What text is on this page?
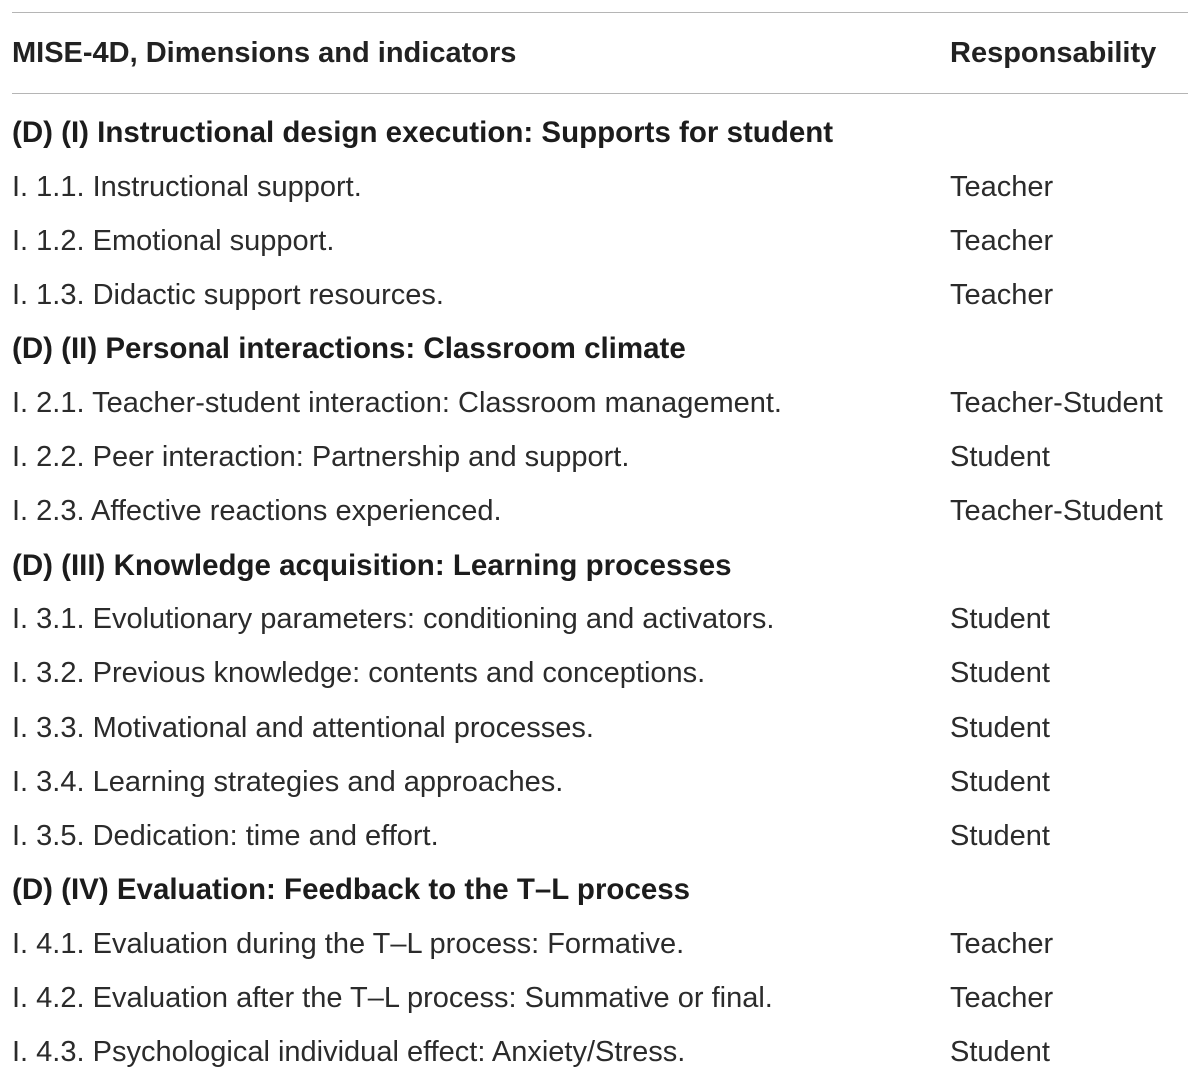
MISE-4D, Dimensions and indicators	Responsability
(D) (I) Instructional design execution: Supports for student
I. 1.1. Instructional support.	Teacher
I. 1.2. Emotional support.	Teacher
I. 1.3. Didactic support resources.	Teacher
(D) (II) Personal interactions: Classroom climate
I. 2.1. Teacher-student interaction: Classroom management.	Teacher-Student
I. 2.2. Peer interaction: Partnership and support.	Student
I. 2.3. Affective reactions experienced.	Teacher-Student
(D) (III) Knowledge acquisition: Learning processes
I. 3.1. Evolutionary parameters: conditioning and activators.	Student
I. 3.2. Previous knowledge: contents and conceptions.	Student
I. 3.3. Motivational and attentional processes.	Student
I. 3.4. Learning strategies and approaches.	Student
I. 3.5. Dedication: time and effort.	Student
(D) (IV) Evaluation: Feedback to the T–L process
I. 4.1. Evaluation during the T–L process: Formative.	Teacher
I. 4.2. Evaluation after the T–L process: Summative or final.	Teacher
I. 4.3. Psychological individual effect: Anxiety/Stress.	Student
